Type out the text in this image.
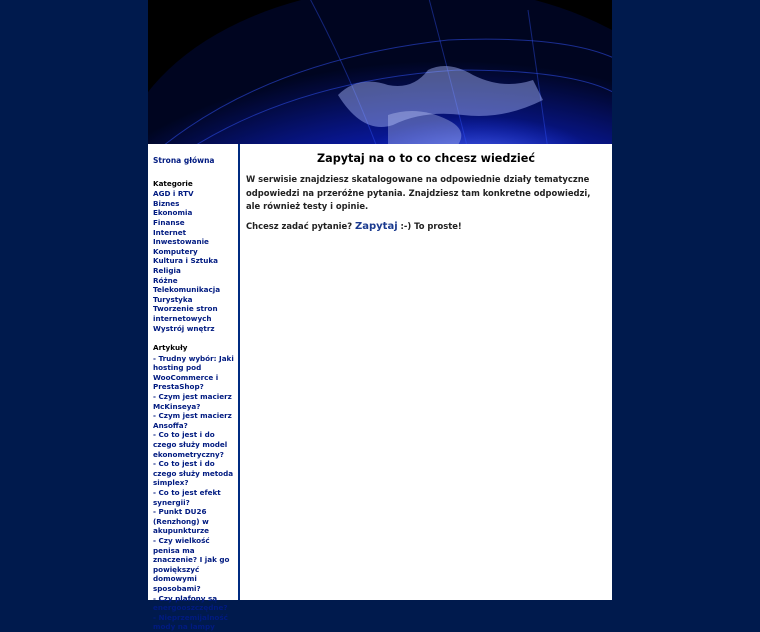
Strona główna
Kategorie
AGD i RTV
Biznes
Ekonomia
Finanse
Internet
Inwestowanie
Komputery
Kultura i Sztuka
Religia
Różne
Telekomunikacja
Turystyka
Tworzenie stron internetowych
Wystrój wnętrz
Artykuły
- Trudny wybór: Jaki hosting pod WooCommerce i PrestaShop?
- Czym jest macierz McKinseya?
- Czym jest macierz Ansoffa?
- Co to jest i do czego służy model ekonometryczny?
- Co to jest i do czego służy metoda simplex?
- Co to jest efekt synergii?
- Punkt DU26 (Renzhong) w akupunkturze
- Czy wielkość penisa ma znaczenie? I jak go powiększyć domowymi sposobami?
- Czy plafony są energooszczędne?
- Nieprzemijalność mody na lampy
Zapytaj na o to co chcesz wiedzieć

W serwisie znajdziesz skatalogowane na odpowiednie działy tematyczne odpowiedzi na przeróżne pytania. Znajdziesz tam konkretne odpowiedzi, ale również testy i opinie.

Chcesz zadać pytanie? Zapytaj :-) To proste!
